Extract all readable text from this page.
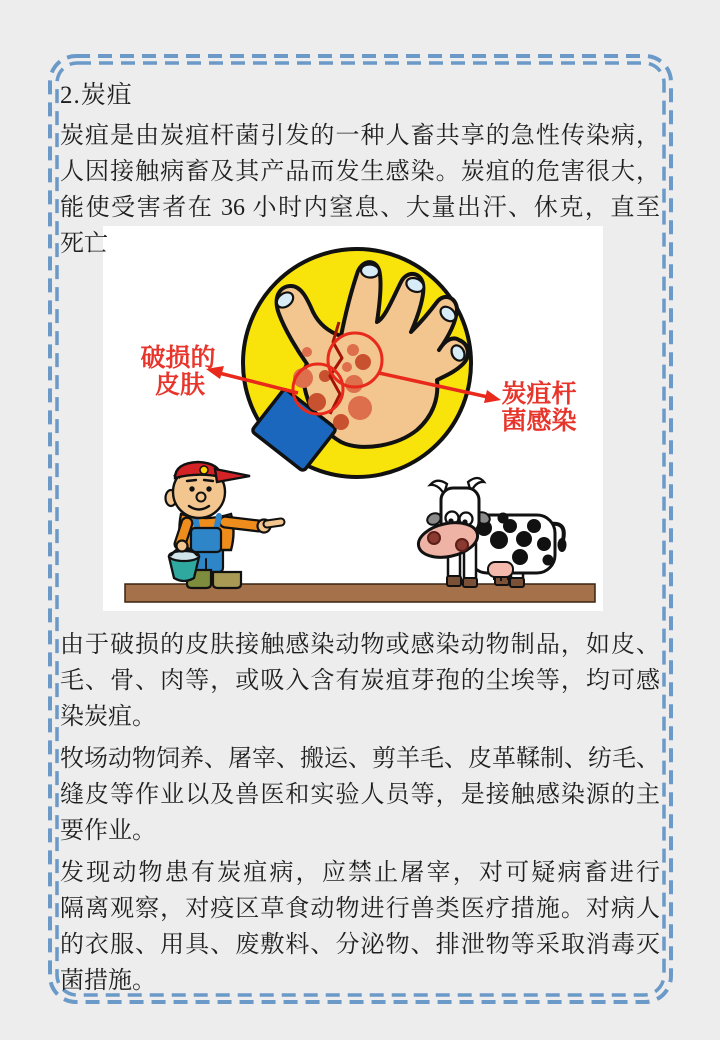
2.炭疽
炭疽是由炭疽杆菌引发的一种人畜共享的急性传染病，
人因接触病畜及其产品而发生感染。炭疽的危害很大，
能使受害者在 36 小时内窒息、大量出汗、休克，直至
死亡
破损的
皮肤	炭疽杆
菌感染
由于破损的皮肤接触感染动物或感染动物制品，如皮、
毛、骨、肉等，或吸入含有炭疽芽孢的尘埃等，均可感
染炭疽。
牧场动物饲养、屠宰、搬运、剪羊毛、皮革鞣制、纺毛、
缝皮等作业以及兽医和实验人员等，是接触感染源的主
要作业。
发现动物患有炭疽病，应禁止屠宰，对可疑病畜进行
隔离观察，对疫区草食动物进行兽类医疗措施。对病人
的衣服、用具、废敷料、分泌物、排泄物等采取消毒灭
菌措施。
